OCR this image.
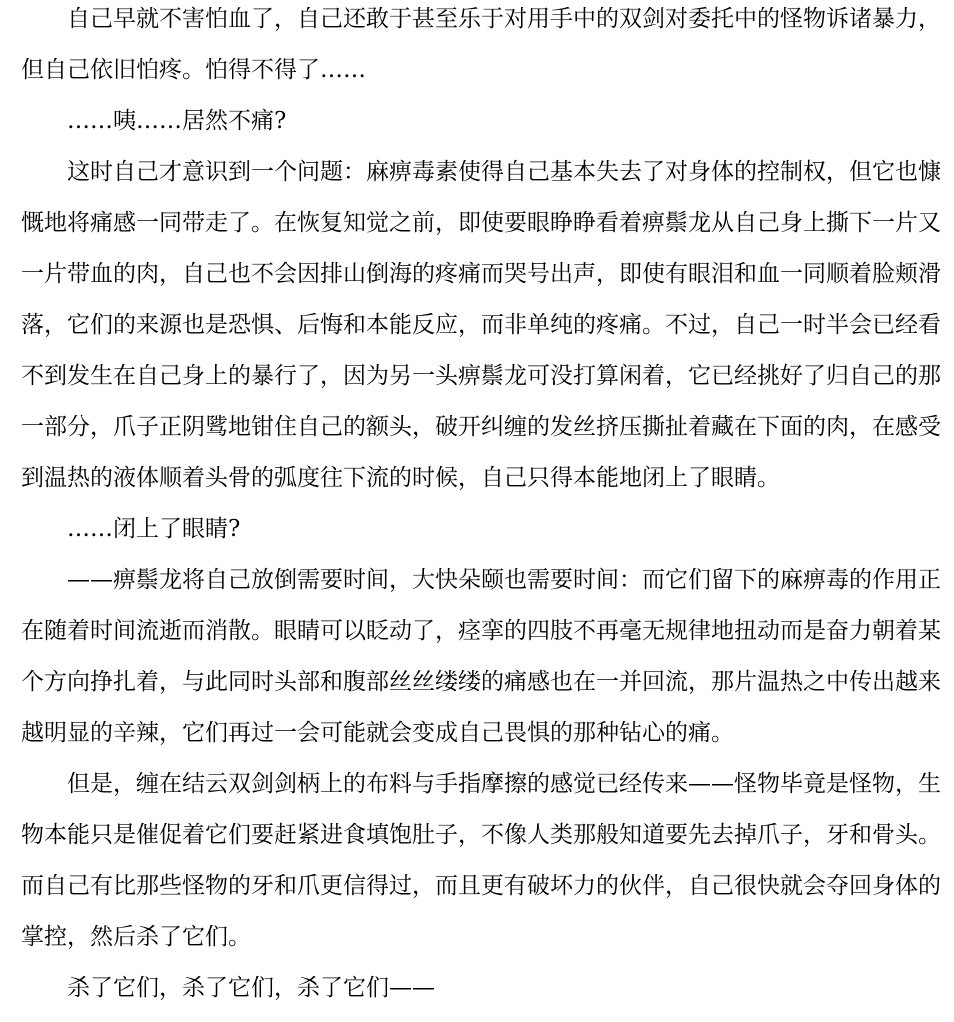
　　自己早就不害怕血了，自己还敢于甚至乐于对用手中的双剑对委托中的怪物诉诸暴力，
但自己依旧怕疼。怕得不得了……
　　……咦……居然不痛?
　　这时自己才意识到一个问题：麻痹毒素使得自己基本失去了对身体的控制权，但它也慷
慨地将痛感一同带走了。在恢复知觉之前，即使要眼睁睁看着痹鬃龙从自己身上撕下一片又
一片带血的肉，自己也不会因排山倒海的疼痛而哭号出声，即使有眼泪和血一同顺着脸颊滑
落，它们的来源也是恐惧、后悔和本能反应，而非单纯的疼痛。不过，自己一时半会已经看
不到发生在自己身上的暴行了，因为另一头痹鬃龙可没打算闲着，它已经挑好了归自己的那
一部分，爪子正阴骘地钳住自己的额头，破开纠缠的发丝挤压撕扯着藏在下面的肉，在感受
到温热的液体顺着头骨的弧度往下流的时候，自己只得本能地闭上了眼睛。
　　……闭上了眼睛?
　　——痹鬃龙将自己放倒需要时间，大快朵颐也需要时间：而它们留下的麻痹毒的作用正
在随着时间流逝而消散。眼睛可以眨动了，痉挛的四肢不再毫无规律地扭动而是奋力朝着某
个方向挣扎着，与此同时头部和腹部丝丝缕缕的痛感也在一并回流，那片温热之中传出越来
越明显的辛辣，它们再过一会可能就会变成自己畏惧的那种钻心的痛。
　　但是，缠在结云双剑剑柄上的布料与手指摩擦的感觉已经传来——怪物毕竟是怪物，生
物本能只是催促着它们要赶紧进食填饱肚子，不像人类那般知道要先去掉爪子，牙和骨头。
而自己有比那些怪物的牙和爪更信得过，而且更有破坏力的伙伴，自己很快就会夺回身体的
掌控，然后杀了它们。
　　杀了它们，杀了它们，杀了它们——
